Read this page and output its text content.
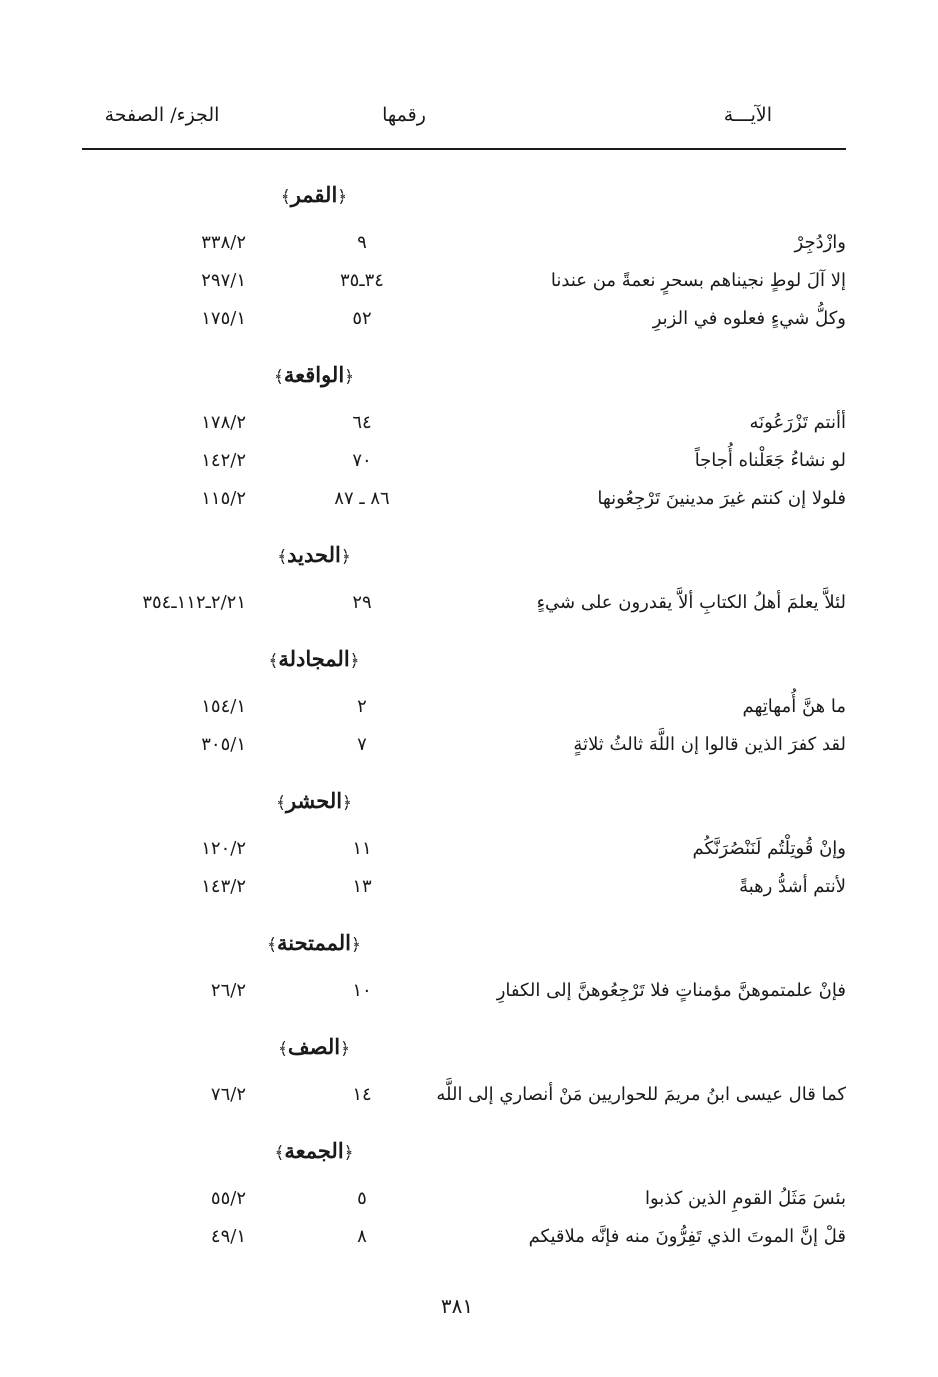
الآيـــة
رقمها
الجزء/ الصفحة
﴿القمر﴾
وازْدُجِرْ
٩
٣٣٨/٢
إلا آلَ لوطٍ نجيناهم بسحرٍ نعمةً من عندنا
٣٤ـ٣٥
٢٩٧/١
وكلُّ شيءٍ فعلوه في الزبرِ
٥٢
١٧٥/١
﴿الواقعة﴾
أأنتم تَزْرَعُونَه
٦٤
١٧٨/٢
لو نشاءُ جَعَلْناه أُجاجاً
٧٠
١٤٢/٢
فلولا إن كنتم غيرَ مدينينَ تَرْجِعُونها
٨٦ ـ ٨٧
١١٥/٢
﴿الحديد﴾
لئلاَّ يعلمَ أهلُ الكتابِ ألاَّ يقدرون على شيءٍ
٢٩
٢/٢١ـ١١٢ـ٣٥٤
﴿المجادلة﴾
ما هنَّ أُمهاتِهم
٢
١٥٤/١
لقد كفرَ الذين قالوا إن اللَّهَ ثالثُ ثلاثةٍ
٧
٣٠٥/١
﴿الحشر﴾
وإنْ قُوتِلْتُم لَنَنْصُرَنَّكُم
١١
١٢٠/٢
لأنتم أشدُّ رهبةً
١٣
١٤٣/٢
﴿الممتحنة﴾
فإنْ علمتموهنَّ مؤمناتٍ فلا تَرْجِعُوهنَّ إلى الكفارِ
١٠
٢٦/٢
﴿الصف﴾
كما قال عيسى ابنُ مريمَ للحواريين مَنْ أنصاري إلى اللَّه
١٤
٧٦/٢
﴿الجمعة﴾
بئسَ مَثَلُ القومِ الذين كذبوا
٥
٥٥/٢
قلْ إنَّ الموتَ الذي تَفِرُّونَ منه فإنَّه ملاقيكم
٨
٤٩/١
٣٨١
